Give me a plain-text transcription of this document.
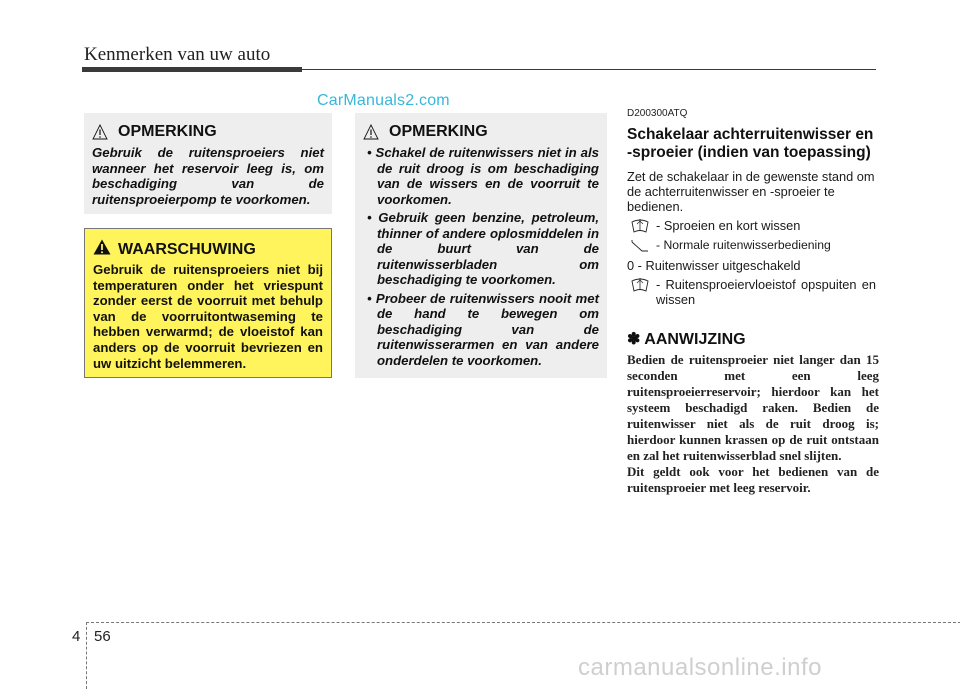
Kenmerken van uw auto
CarManuals2.com
OPMERKING
Gebruik de ruitensproeiers niet wanneer het reservoir leeg is, om beschadiging van de ruitensproeierpomp te voorkomen.
WAARSCHUWING
Gebruik de ruitensproeiers niet bij temperaturen onder het vriespunt zonder eerst de voorruit met behulp van de voorruitontwaseming te hebben verwarmd; de vloeistof kan anders op de voorruit bevriezen en uw uitzicht belemmeren.
OPMERKING
• Schakel de ruitenwissers niet in als de ruit droog is om beschadiging van de wissers en de voorruit te voorkomen.
• Gebruik geen benzine, petroleum, thinner of andere oplosmiddelen in de buurt van de ruitenwisserbladen om beschadiging te voorkomen.
• Probeer de ruitenwissers nooit met de hand te bewegen om beschadiging van de ruitenwisserarmen en van andere onderdelen te voorkomen.
D200300ATQ
Schakelaar achterruitenwisser en -sproeier (indien van toepassing)
Zet de schakelaar in de gewenste stand om de achterruitenwisser en -sproeier te bedienen.
- Sproeien en kort wissen
- Normale ruitenwisserbediening
0 - Ruitenwisser uitgeschakeld
- Ruitensproeiervloeistof opspuiten en wissen
✽ AANWIJZING

Bedien de ruitensproeier niet langer dan 15 seconden met een leeg ruitensproeierreservoir; hierdoor kan het systeem beschadigd raken. Bedien de ruitenwisser niet als de ruit droog is; hierdoor kunnen krassen op de ruit ontstaan en zal het ruitenwisserblad snel slijten.

Dit geldt ook voor het bedienen van de ruitensproeier met leeg reservoir.

4 56
carmanualsonline.info
